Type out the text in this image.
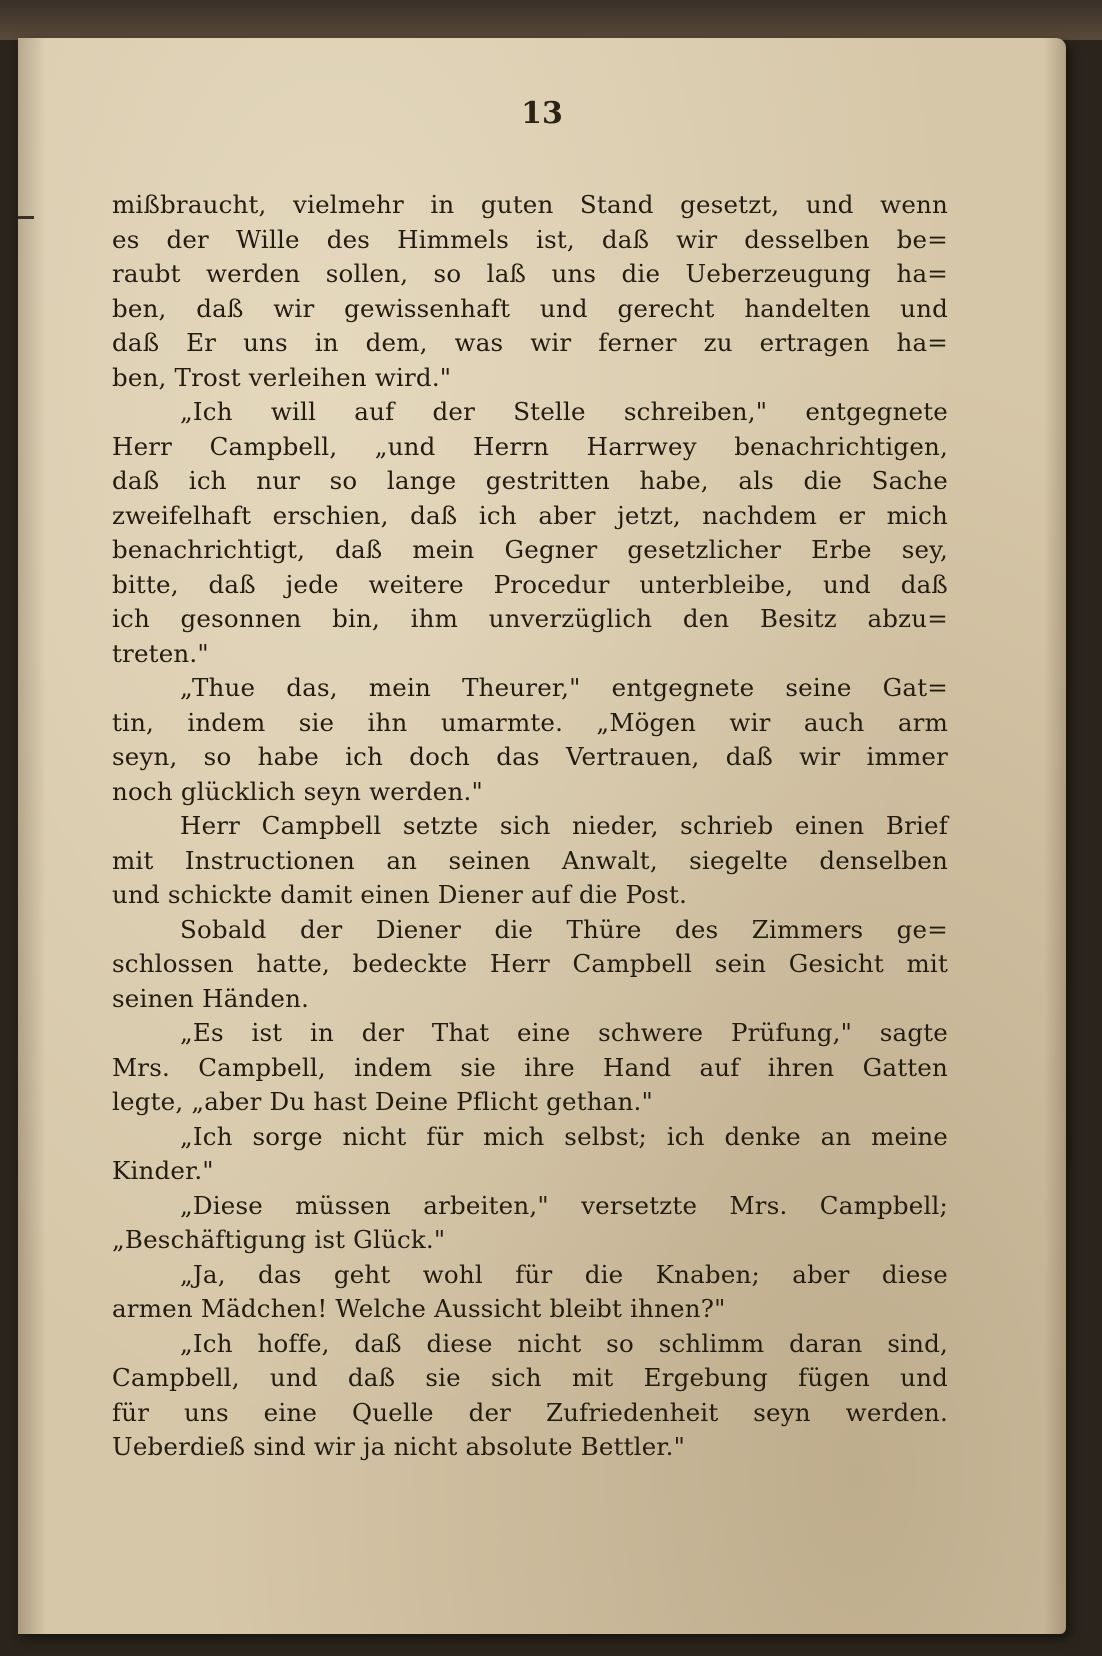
13
mißbraucht, vielmehr in guten Stand gesetzt, und wenn
es der Wille des Himmels ist, daß wir desselben be=
raubt werden sollen, so laß uns die Ueberzeugung ha=
ben, daß wir gewissenhaft und gerecht handelten und
daß Er uns in dem, was wir ferner zu ertragen ha=
ben, Trost verleihen wird."
„Ich will auf der Stelle schreiben," entgegnete
Herr Campbell, „und Herrn Harrwey benachrichtigen,
daß ich nur so lange gestritten habe, als die Sache
zweifelhaft erschien, daß ich aber jetzt, nachdem er mich
benachrichtigt, daß mein Gegner gesetzlicher Erbe sey,
bitte, daß jede weitere Procedur unterbleibe, und daß
ich gesonnen bin, ihm unverzüglich den Besitz abzu=
treten."
„Thue das, mein Theurer," entgegnete seine Gat=
tin, indem sie ihn umarmte. „Mögen wir auch arm
seyn, so habe ich doch das Vertrauen, daß wir immer
noch glücklich seyn werden."
Herr Campbell setzte sich nieder, schrieb einen Brief
mit Instructionen an seinen Anwalt, siegelte denselben
und schickte damit einen Diener auf die Post.
Sobald der Diener die Thüre des Zimmers ge=
schlossen hatte, bedeckte Herr Campbell sein Gesicht mit
seinen Händen.
„Es ist in der That eine schwere Prüfung," sagte
Mrs. Campbell, indem sie ihre Hand auf ihren Gatten
legte, „aber Du hast Deine Pflicht gethan."
„Ich sorge nicht für mich selbst; ich denke an meine
Kinder."
„Diese müssen arbeiten," versetzte Mrs. Campbell;
„Beschäftigung ist Glück."
„Ja, das geht wohl für die Knaben; aber diese
armen Mädchen! Welche Aussicht bleibt ihnen?"
„Ich hoffe, daß diese nicht so schlimm daran sind,
Campbell, und daß sie sich mit Ergebung fügen und
für uns eine Quelle der Zufriedenheit seyn werden.
Ueberdieß sind wir ja nicht absolute Bettler."
